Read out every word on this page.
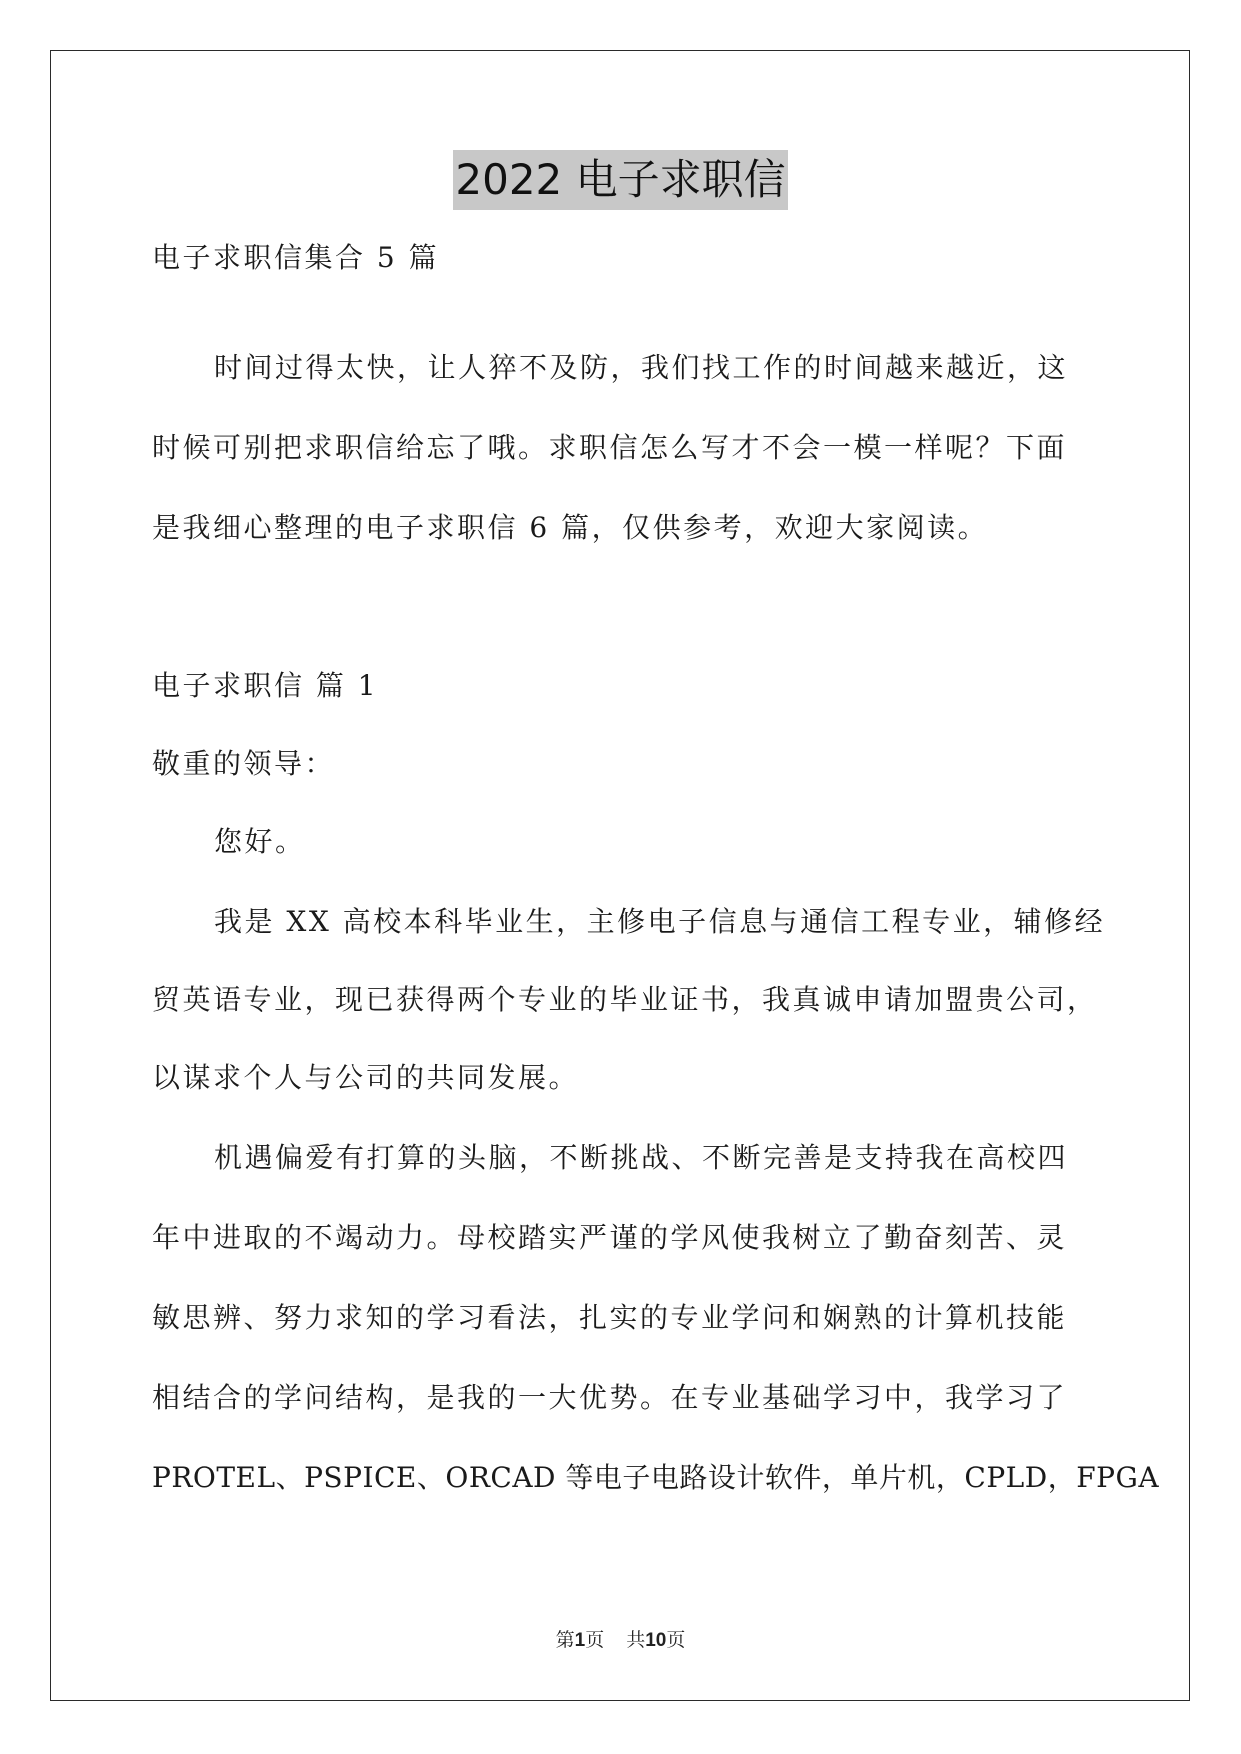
2022 电子求职信

电子求职信集合 5 篇

时间过得太快，让人猝不及防，我们找工作的时间越来越近，这

时候可别把求职信给忘了哦。求职信怎么写才不会一模一样呢？下面

是我细心整理的电子求职信 6 篇，仅供参考，欢迎大家阅读。

电子求职信 篇 1

敬重的领导：

您好。

我是 XX 高校本科毕业生，主修电子信息与通信工程专业，辅修经

贸英语专业，现已获得两个专业的毕业证书，我真诚申请加盟贵公司，

以谋求个人与公司的共同发展。

机遇偏爱有打算的头脑，不断挑战、不断完善是支持我在高校四

年中进取的不竭动力。母校踏实严谨的学风使我树立了勤奋刻苦、灵

敏思辨、努力求知的学习看法，扎实的专业学问和娴熟的计算机技能

相结合的学问结构，是我的一大优势。在专业基础学习中，我学习了

PROTEL、PSPICE、ORCAD 等电子电路设计软件，单片机，CPLD，FPGA

第1页 共10页
